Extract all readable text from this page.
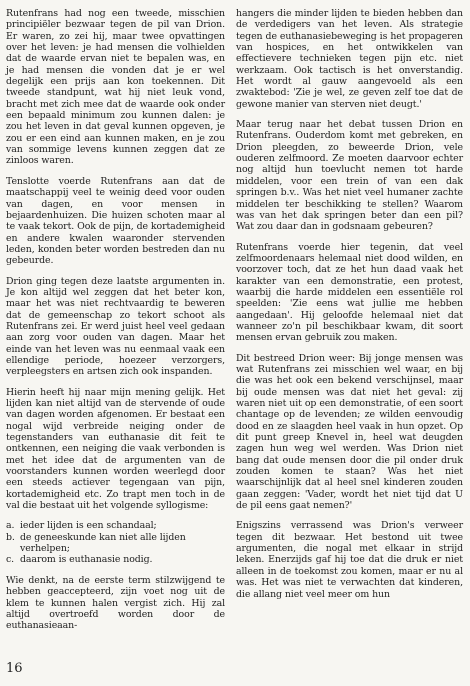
Rutenfrans had nog een tweede, misschien principiëler bezwaar tegen de pil van Drion. Er waren, zo zei hij, maar twee opvattingen over het leven: je had mensen die volhielden dat de waarde ervan niet te bepalen was, en je had mensen die vonden dat je er wel degelijk een prijs aan kon toekennen. Dit tweede standpunt, wat hij niet leuk vond, bracht met zich mee dat de waarde ook onder een bepaald minimum zou kunnen dalen: je zou het leven in dat geval kunnen opgeven, je zou er een eind aan kunnen maken, en je zou van sommige levens kunnen zeggen dat ze zinloos waren.

Tenslotte voerde Rutenfrans aan dat de maatschappij veel te weinig deed voor ouden van dagen, en voor mensen in bejaardenhuizen. Die huizen schoten maar al te vaak tekort. Ook de pijn, de kortademigheid en andere kwalen waaronder stervenden leden, konden beter worden bestreden dan nu gebeurde.

Drion ging tegen deze laatste argumenten in. Je kon altijd wel zeggen dat het beter kon, maar het was niet rechtvaardig te beweren dat de gemeenschap zo tekort schoot als Rutenfrans zei. Er werd juist heel veel gedaan aan zorg voor ouden van dagen. Maar het einde van het leven was nu eenmaal vaak een ellendige periode, hoezeer verzorgers, verpleegsters en artsen zich ook inspanden.

Hierin heeft hij naar mijn mening gelijk. Het lijden kan niet altijd van de stervende of oude van dagen worden afgenomen. Er bestaat een nogal wijd verbreide neiging onder de tegenstanders van euthanasie dit feit te ontkennen, een neiging die vaak verbonden is met het idee dat de argumenten van de voorstanders kunnen worden weerlegd door een steeds actiever tegengaan van pijn, kortademigheid etc. Zo trapt men toch in de val die bestaat uit het volgende syllogisme:

a. ieder lijden is een schandaal;
b. de geneeskunde kan niet alle lijden verhelpen;
c. daarom is euthanasie nodig.

Wie denkt, na de eerste term stilzwijgend te hebben geaccepteerd, zijn voet nog uit de klem te kunnen halen vergist zich. Hij zal altijd overtroefd worden door de euthanasieaan-

hangers die minder lijden te bieden hebben dan de verdedigers van het leven. Als strategie tegen de euthanasiebeweging is het propageren van hospices, en het ontwikkelen van effectievere technieken tegen pijn etc. niet werkzaam. Ook tactisch is het onverstandig. Het wordt al gauw aangevoeld als een zwaktebod: 'Zie je wel, ze geven zelf toe dat de gewone manier van sterven niet deugt.'

Maar terug naar het debat tussen Drion en Rutenfrans. Ouderdom komt met gebreken, en Drion pleegden, zo beweerde Drion, vele ouderen zelfmoord. Ze moeten daarvoor echter nog altijd hun toevlucht nemen tot harde middelen, voor een trein of van een dak springen b.v.. Was het niet veel humaner zachte middelen ter beschikking te stellen? Waarom was van het dak springen beter dan een pil? Wat zou daar dan in godsnaam gebeuren?

Rutenfrans voerde hier tegenin, dat veel zelfmoordenaars helemaal niet dood wilden, en voorzover toch, dat ze het hun daad vaak het karakter van een demonstratie, een protest, waarbij die harde middelen een essentiële rol speelden: 'Zie eens wat jullie me hebben aangedaan'. Hij geloofde helemaal niet dat wanneer zo'n pil beschikbaar kwam, dit soort mensen ervan gebruik zou maken.

Dit bestreed Drion weer: Bij jonge mensen was wat Rutenfrans zei misschien wel waar, en bij die was het ook een bekend verschijnsel, maar bij oude mensen was dat niet het geval: zij waren niet uit op een demonstratie, of een soort chantage op de levenden; ze wilden eenvoudig dood en ze slaagden heel vaak in hun opzet. Op dit punt greep Knevel in, heel wat deugden zagen hun weg wel werden. Was Drion niet bang dat oude mensen door die pil onder druk zouden komen te staan? Was het niet waarschijnlijk dat al heel snel kinderen zouden gaan zeggen: 'Vader, wordt het niet tijd dat U de pil eens gaat nemen?'

Enigszins verrassend was Drion's verweer tegen dit bezwaar. Het bestond uit twee argumenten, die nogal met elkaar in strijd leken. Enerzijds gaf hij toe dat die druk er niet alleen in de toekomst zou komen, maar er nu al was. Het was niet te verwachten dat kinderen, die allang niet veel meer om hun

16
